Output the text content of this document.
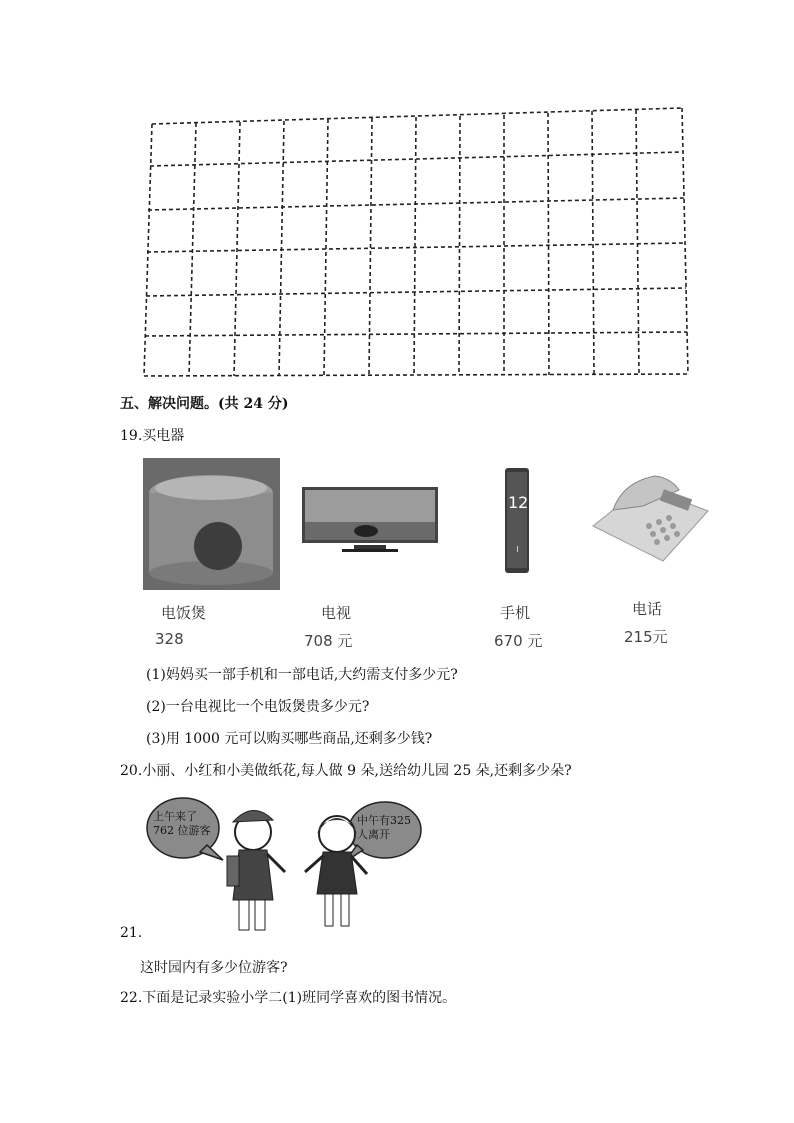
五、解决问题。(共 24 分)
19.买电器
电饭煲
328
电视
708 元
12
手机
670 元
电话
215元
(1)妈妈买一部手机和一部电话,大约需支付多少元?
(2)一台电视比一个电饭煲贵多少元?
(3)用 1000 元可以购买哪些商品,还剩多少钱?
20.小丽、小红和小美做纸花,每人做 9 朵,送给幼儿园 25 朵,还剩多少朵?
上午来了762 位游客
中午有325 人离开
21.
这时园内有多少位游客?
22.下面是记录实验小学二(1)班同学喜欢的图书情况。
